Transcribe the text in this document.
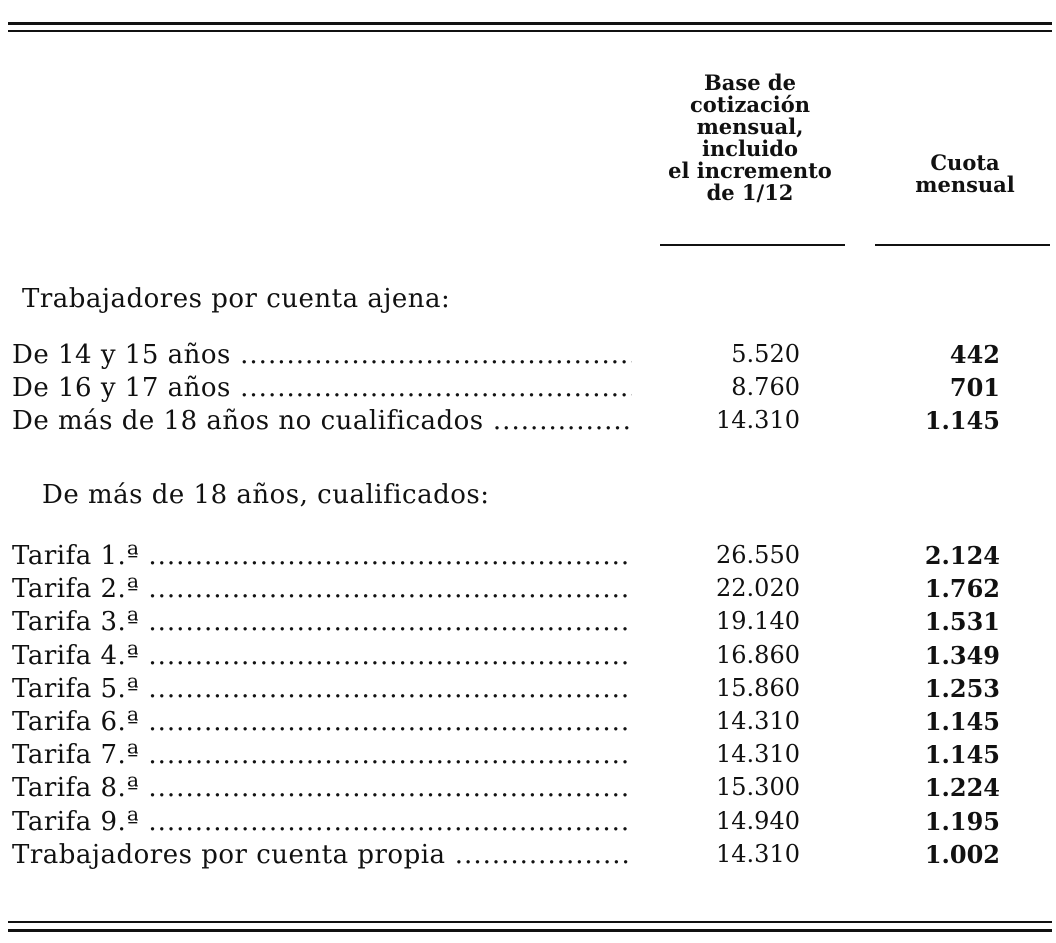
Base de
cotización
mensual,
incluido
el incremento
de 1/12
Cuota
mensual
Trabajadores por cuenta ajena:
De 14 y 15 años .....	5.520	442
De 16 y 17 años .....	8.760	701
De más de 18 años no cualificados .....	14.310	1.145
De más de 18 años, cualificados:
Tarifa 1.ª .....	26.550	2.124
Tarifa 2.ª .....	22.020	1.762
Tarifa 3.ª .....	19.140	1.531
Tarifa 4.ª .....	16.860	1.349
Tarifa 5.ª .....	15.860	1.253
Tarifa 6.ª .....	14.310	1.145
Tarifa 7.ª .....	14.310	1.145
Tarifa 8.ª .....	15.300	1.224
Tarifa 9.ª .....	14.940	1.195
Trabajadores por cuenta propia .....	14.310	1.002
